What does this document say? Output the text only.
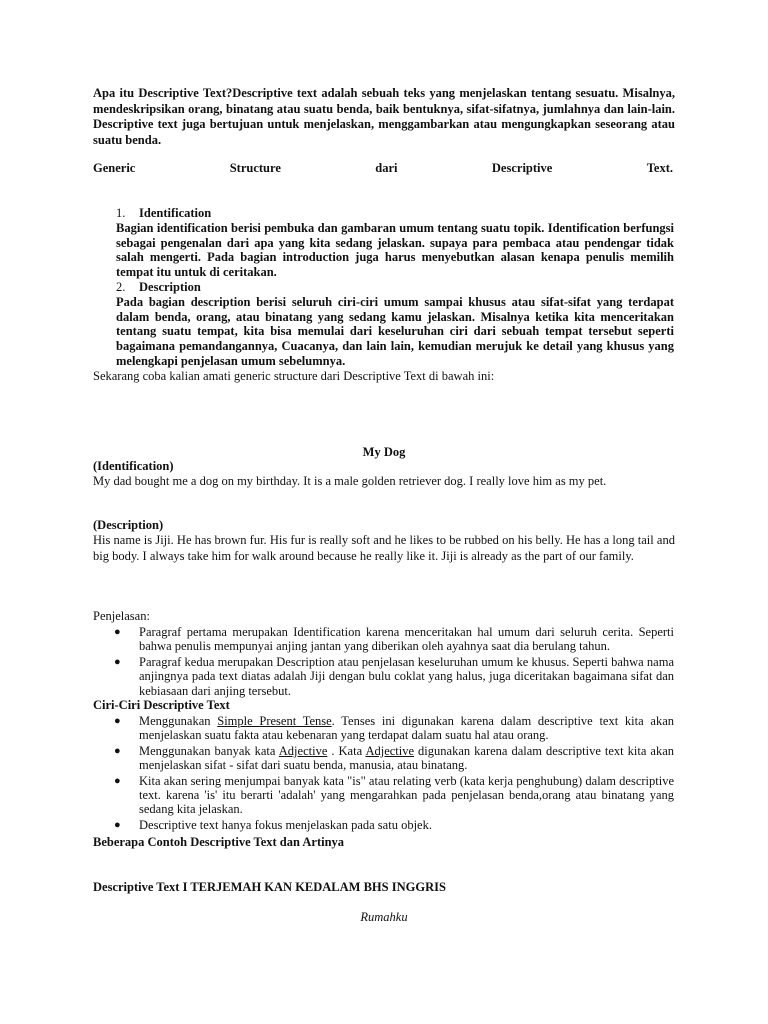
Apa itu Descriptive Text?Descriptive text adalah sebuah teks yang menjelaskan tentang sesuatu. Misalnya, mendeskripsikan orang, binatang atau suatu benda, baik bentuknya, sifat-sifatnya, jumlahnya dan lain-lain. Descriptive text juga bertujuan untuk menjelaskan, menggambarkan atau mengungkapkan seseorang atau suatu benda.
Generic	Structure	dari	Descriptive	Text.
1. Identification
Bagian identification berisi pembuka dan gambaran umum tentang suatu topik. Identification berfungsi sebagai pengenalan dari apa yang kita sedang jelaskan. supaya para pembaca atau pendengar tidak salah mengerti. Pada bagian introduction juga harus menyebutkan alasan kenapa penulis memilih tempat itu untuk di ceritakan.
2. Description
Pada bagian description berisi seluruh ciri-ciri umum sampai khusus atau sifat-sifat yang terdapat dalam benda, orang, atau binatang yang sedang kamu jelaskan. Misalnya ketika kita menceritakan tentang suatu tempat, kita bisa memulai dari keseluruhan ciri dari sebuah tempat tersebut seperti bagaimana pemandangannya, Cuacanya, dan lain lain, kemudian merujuk ke detail yang khusus yang melengkapi penjelasan umum sebelumnya.
Sekarang coba kalian amati generic structure dari Descriptive Text di bawah ini:
My Dog
(Identification)
My dad bought me a dog on my birthday. It is a male golden retriever dog. I really love him as my pet.
(Description)
His name is Jiji. He has brown fur. His fur is really soft and he likes to be rubbed on his belly. He has a long tail and big body. I always take him for walk around because he really like it. Jiji is already as the part of our family.
Penjelasan:
● Paragraf pertama merupakan Identification karena menceritakan hal umum dari seluruh cerita. Seperti bahwa penulis mempunyai anjing jantan yang diberikan oleh ayahnya saat dia berulang tahun.
● Paragraf kedua merupakan Description atau penjelasan keseluruhan umum ke khusus. Seperti bahwa nama anjingnya pada text diatas adalah Jiji dengan bulu coklat yang halus, juga diceritakan bagaimana sifat dan kebiasaan dari anjing tersebut.
Ciri-Ciri Descriptive Text
● Menggunakan Simple Present Tense. Tenses ini digunakan karena dalam descriptive text kita akan menjelaskan suatu fakta atau kebenaran yang terdapat dalam suatu hal atau orang.
● Menggunakan banyak kata Adjective . Kata Adjective digunakan karena dalam descriptive text kita akan menjelaskan sifat - sifat dari suatu benda, manusia, atau binatang.
● Kita akan sering menjumpai banyak kata "is" atau relating verb (kata kerja penghubung) dalam descriptive text. karena 'is' itu berarti 'adalah' yang mengarahkan pada penjelasan benda,orang atau binatang yang sedang kita jelaskan.
● Descriptive text hanya fokus menjelaskan pada satu objek.
Beberapa Contoh Descriptive Text dan Artinya
Descriptive Text I TERJEMAH KAN KEDALAM BHS INGGRIS
Rumahku
